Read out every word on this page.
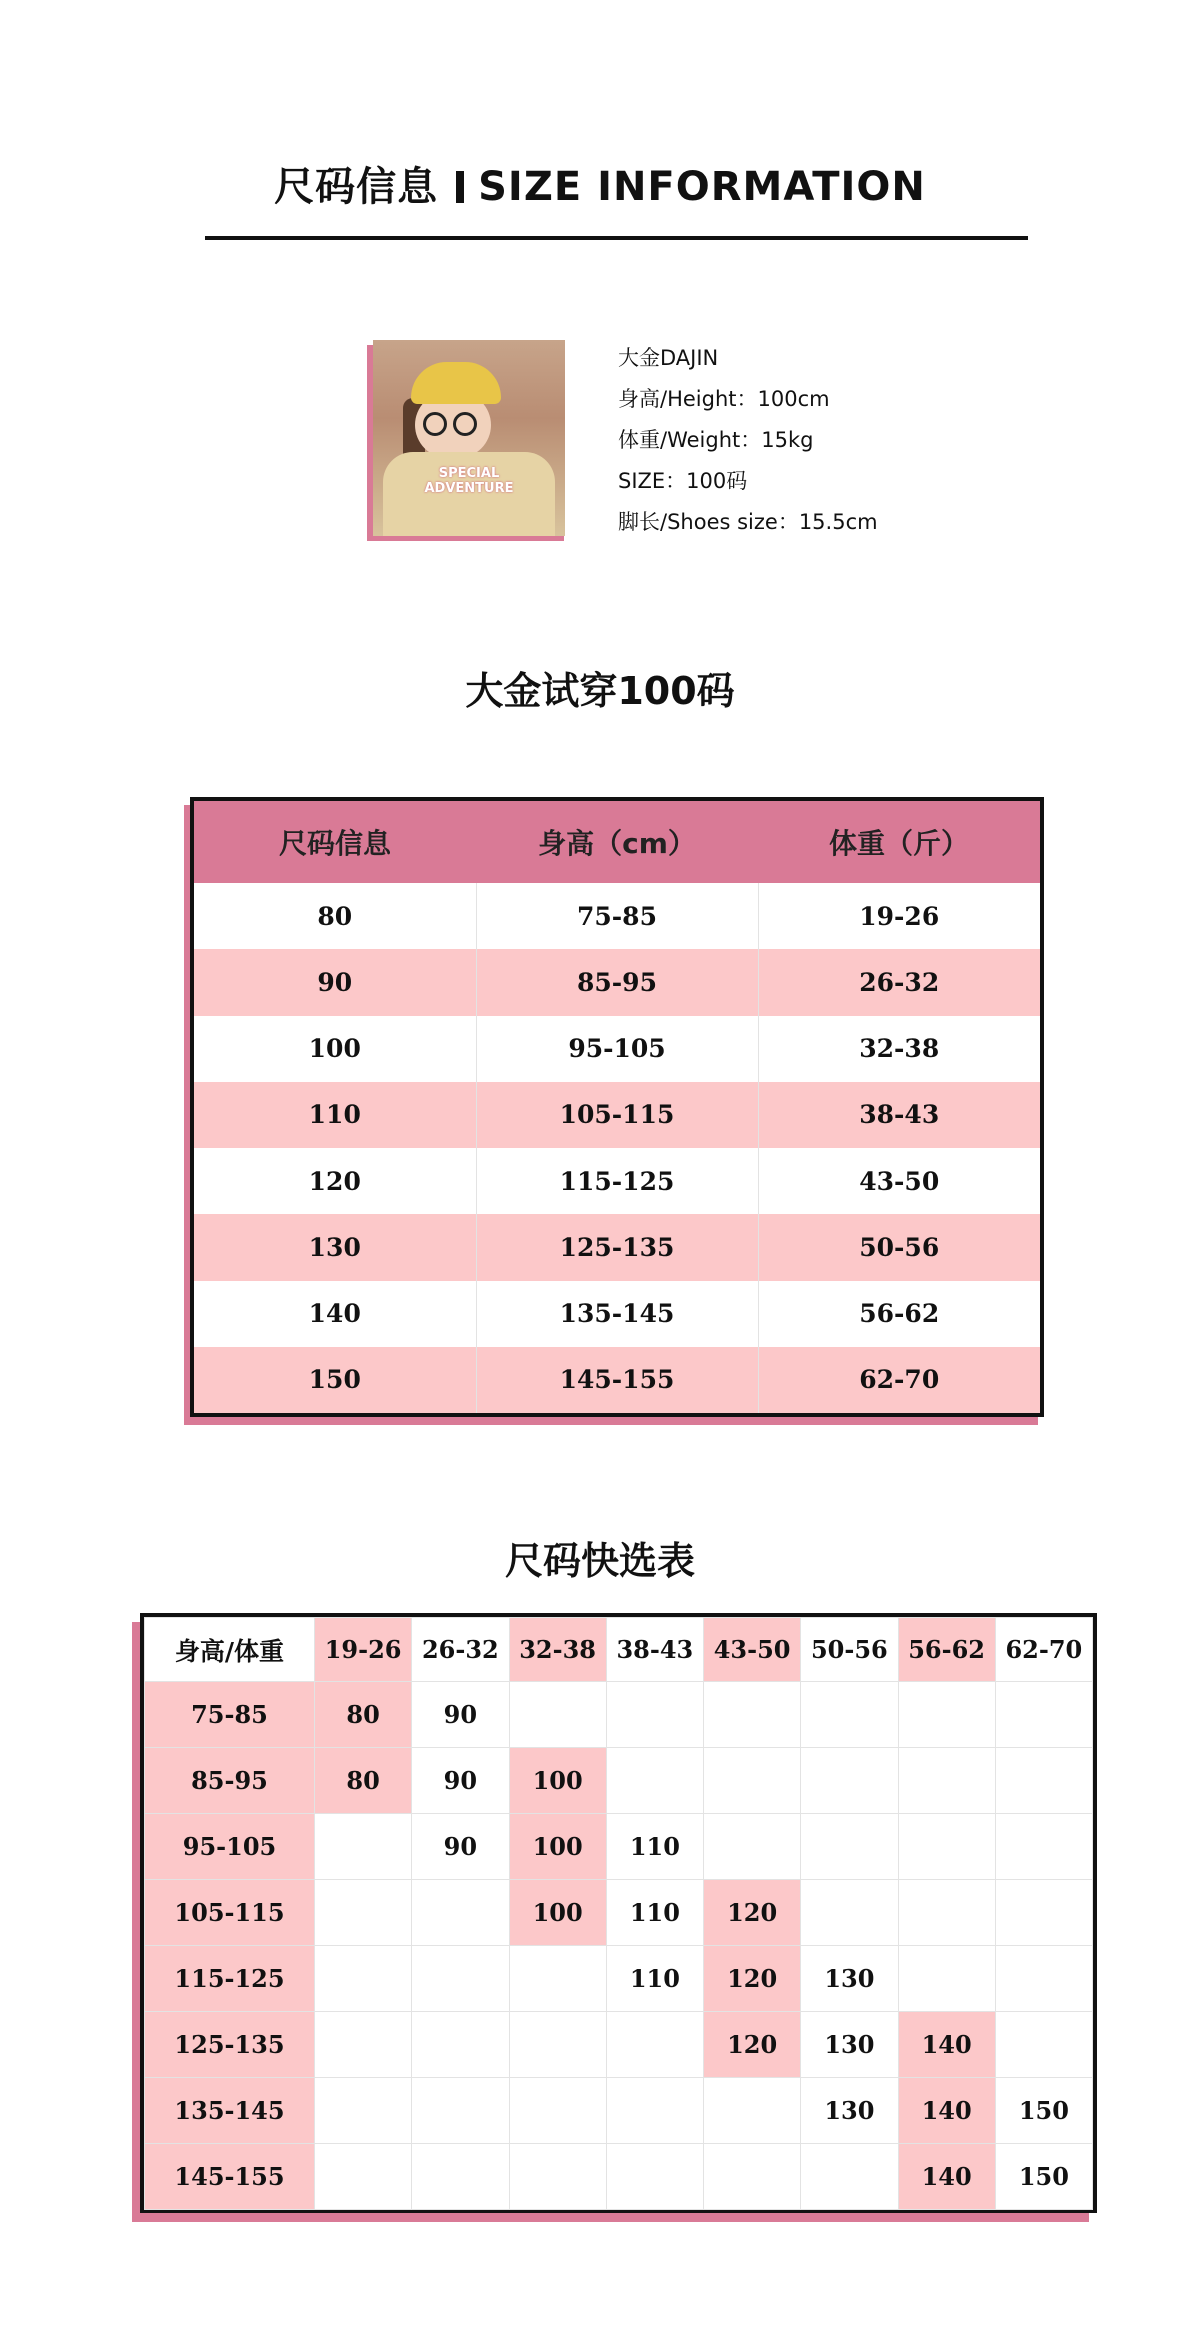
尺码信息 SIZE INFORMATION
SPECIAL ADVENTURE
大金DAJIN
身高/Height：100cm
体重/Weight：15kg
SIZE：100码
脚长/Shoes size：15.5cm
大金试穿100码
尺码信息	身高（cm）	体重（斤）
80	75-85	19-26
90	85-95	26-32
100	95-105	32-38
110	105-115	38-43
120	115-125	43-50
130	125-135	50-56
140	135-145	56-62
150	145-155	62-70
尺码快选表
身高/体重	19-26	26-32	32-38	38-43	43-50	50-56	56-62	62-70
75-85	80	90						
85-95	80	90	100					
95-105		90	100	110				
105-115			100	110	120			
115-125				110	120	130		
125-135					120	130	140	
135-145						130	140	150
145-155							140	150
